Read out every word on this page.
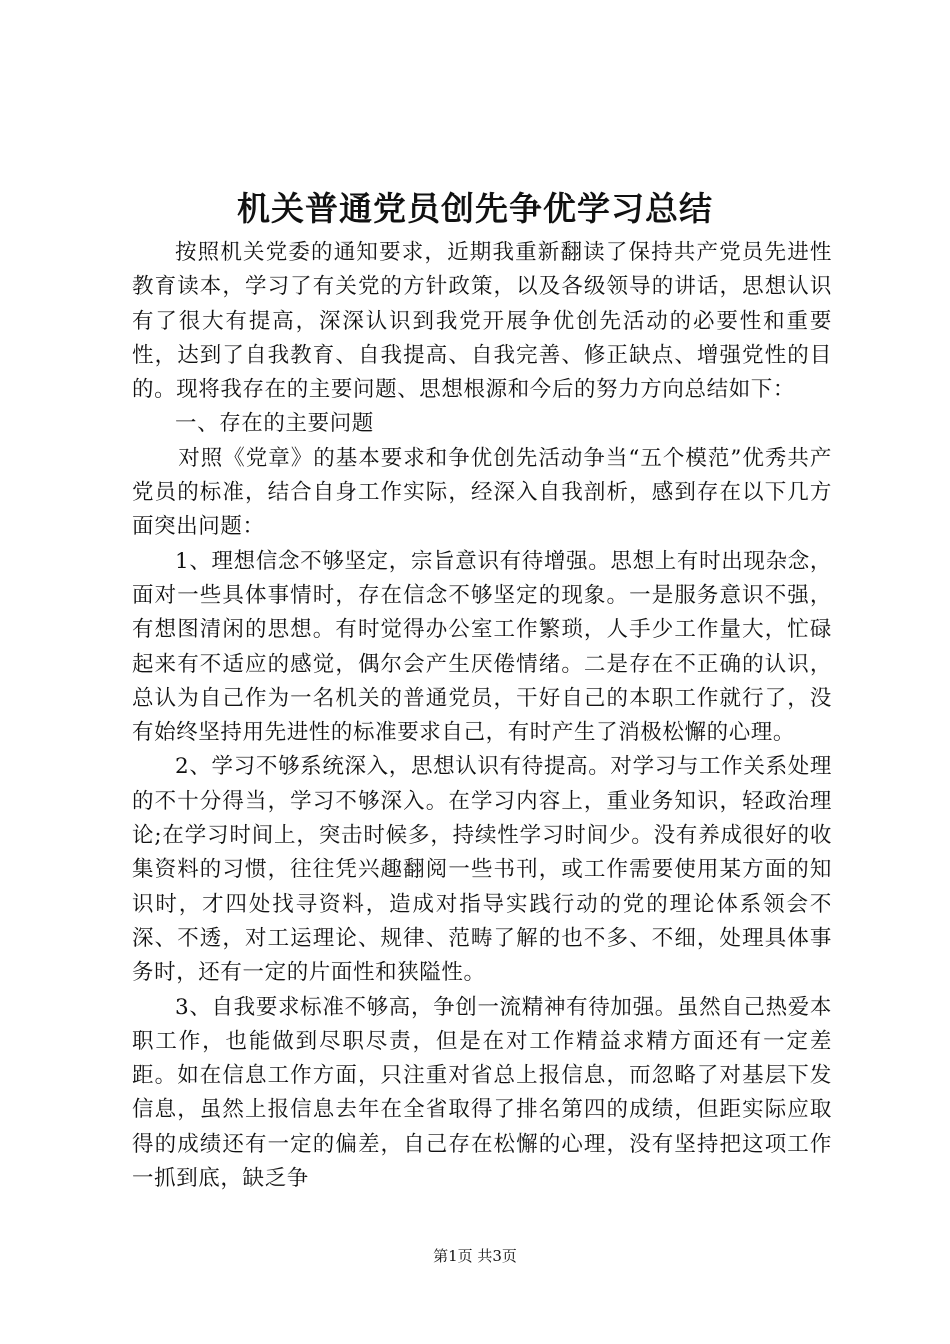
机关普通党员创先争优学习总结

按照机关党委的通知要求，近期我重新翻读了保持共产党员先进性教育读本，学习了有关党的方针政策，以及各级领导的讲话，思想认识有了很大有提高，深深认识到我党开展争优创先活动的必要性和重要性，达到了自我教育、自我提高、自我完善、修正缺点、增强党性的目的。现将我存在的主要问题、思想根源和今后的努力方向总结如下：

一、存在的主要问题

对照《党章》的基本要求和争优创先活动争当“五个模范”优秀共产党员的标准，结合自身工作实际，经深入自我剖析，感到存在以下几方面突出问题：

1、理想信念不够坚定，宗旨意识有待增强。思想上有时出现杂念，面对一些具体事情时，存在信念不够坚定的现象。一是服务意识不强，有想图清闲的思想。有时觉得办公室工作繁琐，人手少工作量大，忙碌起来有不适应的感觉，偶尔会产生厌倦情绪。二是存在不正确的认识，总认为自己作为一名机关的普通党员，干好自己的本职工作就行了，没有始终坚持用先进性的标准要求自己，有时产生了消极松懈的心理。

2、学习不够系统深入，思想认识有待提高。对学习与工作关系处理的不十分得当，学习不够深入。在学习内容上，重业务知识，轻政治理论;在学习时间上，突击时候多，持续性学习时间少。没有养成很好的收集资料的习惯，往往凭兴趣翻阅一些书刊，或工作需要使用某方面的知识时，才四处找寻资料，造成对指导实践行动的党的理论体系领会不深、不透，对工运理论、规律、范畴了解的也不多、不细，处理具体事务时，还有一定的片面性和狭隘性。

3、自我要求标准不够高，争创一流精神有待加强。虽然自己热爱本职工作，也能做到尽职尽责，但是在对工作精益求精方面还有一定差距。如在信息工作方面，只注重对省总上报信息，而忽略了对基层下发信息，虽然上报信息去年在全省取得了排名第四的成绩，但距实际应取得的成绩还有一定的偏差，自己存在松懈的心理，没有坚持把这项工作一抓到底，缺乏争

第1页 共3页
